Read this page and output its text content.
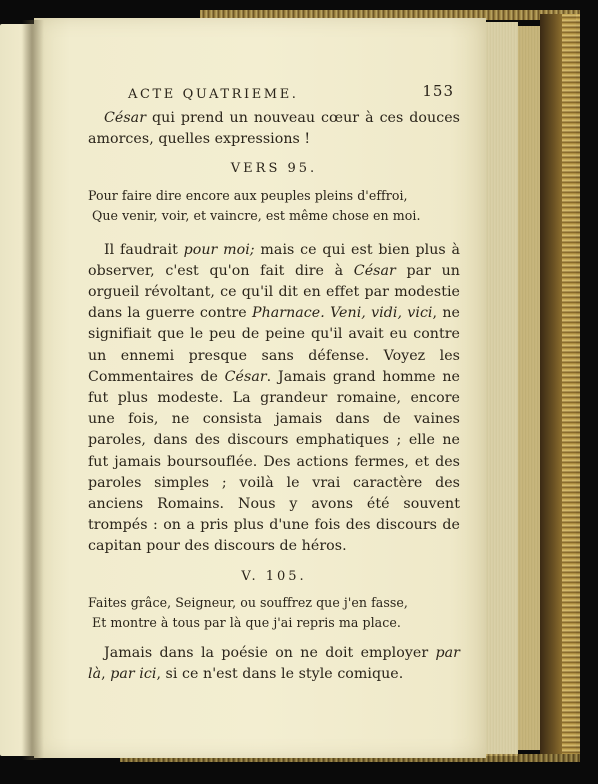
ACTE QUATRIEME.	153

César qui prend un nouveau cœur à ces douces amorces, quelles expressions !

VERS 95.

Pour faire dire encore aux peuples pleins d'effroi,

Que venir, voir, et vaincre, est même chose en moi.

Il faudrait pour moi; mais ce qui est bien plus à observer, c'est qu'on fait dire à César par un orgueil révoltant, ce qu'il dit en effet par modestie dans la guerre contre Pharnace. Veni, vidi, vici, ne signifiait que le peu de peine qu'il avait eu contre un ennemi presque sans défense. Voyez les Commentaires de César. Jamais grand homme ne fut plus modeste. La grandeur romaine, encore une fois, ne consista jamais dans de vaines paroles, dans des discours emphatiques ; elle ne fut jamais boursouflée. Des actions fermes, et des paroles simples ; voilà le vrai caractère des anciens Romains. Nous y avons été souvent trompés : on a pris plus d'une fois des discours de capitan pour des discours de héros.

V. 105.

Faites grâce, Seigneur, ou souffrez que j'en fasse,

Et montre à tous par là que j'ai repris ma place.

Jamais dans la poésie on ne doit employer par là, par ici, si ce n'est dans le style comique.
